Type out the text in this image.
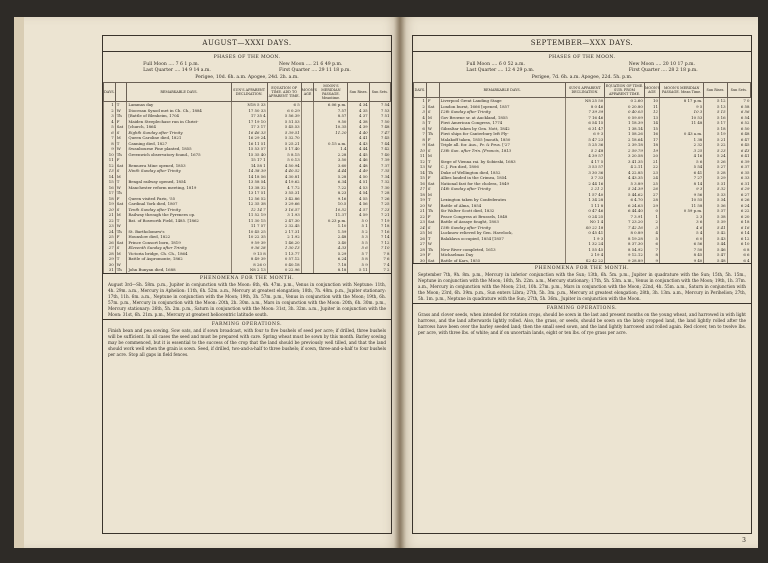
AUGUST—XXXI DAYS.
PHASES OF THE MOON.
Full Moon .... 7 6 1 p.m.
Last Quarter .... 14 9 14 a.m.
New Moon .... 21 6 49 p.m.
First Quarter .... 29 11 18 p.m.
Perigee, 10d. 6h. a.m. Apogee, 24d. 2h. a.m.
DAYS.		REMARKABLE DAYS.	SUN'S APPARENT DECLINATION.	EQUATION OF TIME. ADD TO APPARENT TIME.	MOON'S AGE	MOON'S MERIDIAN PASSAGE. Meantime.	Sun Rises.	Sun Sets.
1	T	Lammas day	N18 5 33	6 5		6.06 p.m.	4 34	7 54
2	W	Diocesan Synod met in Ch. Ch., 1884	17 50 33	6 0.29		7.57	4 35	7 53
3	Th	[Battle of Blenheim, 1704	17 35 4	5 56.39		8.57	4 37	7 51
4	F	Maiden Steeplechase run in Christ-	17 19 10	5 51.53		9.50	4 38	7 50
5	Sat	[church, 1864	17 3 17	5 45.53		10.35	4 39	7 48
6	S	Eighth Sunday after Trinity	16 46 33	5 39.51		11.20	4 40	7 47
7	M	Queen Caroline died, 1821	16 29 24	5 32.70			4 41	7 45
8	T	Canning died, 1827	16 11 51	5 25.21		0.15 a.m.	4 43	7 44
9	W	Swanbourne Pine planted, 1855	15 53 57	5 17.40		1.4	4 44	7 42
10	Th	Greenwich observatory found., 1675	15 35 40	5 8.15		2.28	4 45	7 40
11	F		15 17 1	5 0.13		3.50	4 46	7 39
12	Sat	Remuera Mine opened, 1853	14 58 1	4 50.94		3.60	4 48	7 37
13	S	Ninth Sunday after Trinity	14 38 39	4 40.52		4.44	4 49	7 35
14	M		14 18 56	4 30.81		5.28	4 50	7 34
15	T	Bengal railway opened, 1854	13 58 54	4 19.62		6.34	4 51	7 32
16	W	Manchester reform meeting, 1819	13 38 32	4 7.72		7.22	4 53	7 30
17	Th		13 17 51	3 55.31		8.23	4 54	7 28
18	F	Queen visited Paris, '55	12 56 52	3 42.86		9.16	4 55	7 26
19	Sat	Cardinal York died, 1807	12 35 38	3 29.66		10.5	4 56	7 25
20	S	Tenth Sunday after Trinity	12 14 7	3 16.57		10.52	4 57	7 23
21	M	Railway through the Pyrenees op.	11 52 19	3 1.93		11.37	4 59	7 21
22	T	Bat. of Bosworth Field, 1485. [1862	11 30 15	2 47.30		0.23 p.m.	5 0	7 19
23	W		11 7 57	2 32.45		1.10	5 1	7 18
24	Th	St. Bartholomew's	10 45 25	2 17.31		1.59	5 2	7 16
25	F	Hounslow died, 1822	10 22 35	2 1.92		2.48	5 3	7 14
26	Sat	Prince Consort born, 1819	9 59 39	1 46.20		3.40	5 5	7 12
27	S	Eleventh Sunday after Trinity	9 36 28	1 30.13		4.33	5 6	7 10
28	M	Victoria bridge, Ch. Ch., 1864	9 13 8	1 13.77		5.29	5 7	7 8
29	T	Battle of Aspromonte, 1862	8 49 39	0 57.12		6.24	5 8	7 6
30	W		8 26 0	0 40.18		7.18	5 9	7 4
31	Th	John Bunyan died, 1688	N8 2 13	0 22.96		8.18	5 11	7 2
PHENOMENA FOR THE MONTH.
August 3rd—Sh. 58m. p.m., Jupiter in conjunction with the Moon: 6th, 4h. 47m. p.m., Venus in conjunction with Neptune: 11th, 4h. 29m. a.m., Mercury in Aphelion: 11th, 6h. 52m. a.m., Mercury at greatest elongation; 18th, 7h. 48m. p.m., Jupiter stationary: 17th, 11h. 6m. a.m., Neptune in conjunction with the Moon; 19th, 3h. 57m. p.m., Venus in conjunction with the Moon; 19th, 6h. 57m. p.m., Mercury in conjunction with the Moon: 20th, 2h. 30m. a.m., Mars in conjunction with the Moon: 20th, 6h. 30m. p.m., Mercury stationary: 26th, 5h. 2m. p.m., Saturn in conjunction with the Moon: 31st, 3h. 32m. a.m., Jupiter in conjunction with the Moon: 31st, 6h. 21m. p.m., Mercury at greatest heliocentric latitude south.
FARMING OPERATIONS.
Finish bean and pea sowing. Sow oats, and if sown broadcast, with four to five bushels of seed per acre; if drilled, three bushels will be sufficient. In all cases the seed and must be prepared with care. Spring wheat must be sown by this month. Barley sowing may be commenced, but it is essential to the success of the crop that the land should be previously well tilled, and that the land should work well when the grain is sown. Seed, if drilled, two-and-a-half to three bushels; if sown, three-and-a-half to four bushels per acre. Stop all gaps in field fences.
SEPTEMBER—XXX DAYS.
PHASES OF THE MOON.
Full Moon .... 6 0 52 a.m.
Last Quarter .... 12 4 29 p.m.
New Moon .... 20 10 17 p.m.
First Quarter .... 28 2 18 p.m.
Perigee, 7d. 6h. a.m. Apogee, 22d. 5h. p.m.
DAYS.		REMARKABLE DAYS.	SUN'S APPARENT DECLINATION.	EQUATION OF TIME. SUB. FROM APPARENT TIME.	MOON'S AGE	MOON'S MERIDIAN PASSAGE. Mean Time.	Sun Rises.	Sun Sets.
1	F	Liverpool Great Landing Stage	N8 25 50	0 2.60	10	8 17 p.m.	5 12	7 0
2	Sat	London burnt, 1666 [opened, 1857	8 0 46	0 20.80	11	9 5	5 13	6 58
3	S	12th Sunday after Trinity	7 39 39	0 40.03	12	10 3	5 15	6 56
4	M	Gov Browne sr. at Auckland, 1855	7 16 46	0 59.09	13	10 53	5 16	6 54
5	T	First American Congress, 1774	6 54 15	1 18.39	14	11 48	5 17	6 52
6	W	Gibraltar taken by Gen. Nott, 1842	6 31 47	1 38.14	15		5 18	6 50
7	Th	First ships for Canterbury left Ply-	6 9 3	1 58.26	16	0 43 a.m.	5 19	6 48
8	F	Malakoff taken, 1855 [mouth, 1850	5 47 23	2 18.64	17	1 38	5 21	6 47
9	Sat	Triple all. for. Aus., Pr. & Prus. ['27	5 25 36	2 39.18	18	2 32	5 22	6 45
10	S	13th Sun. after Trin. [Francis, 1813	5 2 48	2 59.79	19	3 25	5 23	6 43
11	M		4 39 57	3 20.58	20	4 16	5 24	6 41
12	T	Siege of Vienna rai. by Sobieski, 1683	4 17 5	3 41.35	21	5 6	5 26	6 39
13	W	C. J. Fox died, 1806	3 53 57	4 2.11	22	5 54	5 27	6 37
14	Th	Duke of Wellington died, 1852	3 30 36	4 22.85	23	6 41	5 28	6 35
15	F	Allies landed in the Crimea, 1854	3 7 33	4 43.35	24	7 27	5 29	6 33
16	Sat	National fast for the cholera, 1849	2 44 16	5 3.89	25	8 14	5 31	6 31
17	S	14th Sunday after Trinity	2 21 2	5 24.39	26	9 3	5 32	6 29
18	M		1 57 40	5 44.62	27	9 56	5 33	6 27
19	T	Lexington taken by Confederates	1 34 28	6 4.70	28	10 55	5 34	6 26
20	W	Battle of Alma, 1854	1 11 8	6 24.63	29	11 58	5 36	6 24
21	Th	Sir Walter Scott died, 1832	0 47 46	6 44.40	0	0 59 p.m.	5 37	6 22
22	F	Peace Congress at Brussels, 1848	0 24 25	7 3.91	1	2 3	5 38	6 20
23	Sat	Battle of Assaye fought, 1803	N0 1 4	7 23.20	2	3 6	5 39	6 18
24	S	15th Sunday after Trinity	S0 22 18	7 42.16	3	4 6	5 41	6 16
25	M	Lucknow relieved by Gen. Havelock,	0 45 41	8 0.89	4	5 4	5 42	6 14
26	T	Balaklava occupied, 1854 [1857	1 9 3	8 19.28	5	6 0	5 43	6 12
27	W		1 32 24	8 37.30	6	6 56	5 44	6 10
28	Th	New River completed, 1613	1 55 45	8 54.92	7	7 50	5 46	6 8
29	F	Michaelmas Day	2 19 4	9 12.12	8	8 45	5 47	6 6
30	Sat	Battle of Kars, 1855	S2 42 22	9 28.89	9	9 40	5 48	6 4
PHENOMENA FOR THE MONTH.
September 7th, 9h. 8m. p.m., Mercury in inferior conjunction with the Sun; 13th, 6h. 5m. p.m., Jupiter in quadrature with the Sun; 15th, 5h. 15m., Neptune in conjunction with the Moon; 16th, 5h. 22m. a.m., Mercury stationary; 17th, 5h. 53m. a.m., Venus in conjunction with the Moon; 19th, 1h. 37m. a.m., Mercury in conjunction with the Moon; 21st, 10h. 27m. p.m., Mars in conjunction with the Moon; 22nd, 4h. 55m. a.m., Saturn in conjunction with the Moon; 23rd, 6h. 39m. p.m., Sun enters Libra; 27th, 5h. 3m. p.m., Mercury at greatest elongation; 28th, 3h. 13m. a.m., Mercury in Perihelion; 27th, 5h. 1m. p.m., Neptune in quadrature with the Sun; 27th, 5h. 36m., Jupiter in conjunction with the Moon.
FARMING OPERATIONS.
Grass and clover seeds, when intended for rotation crops, should be sown in the last and present months on the young wheat, and harrowed in with light harrows, and the land afterwards lightly rolled. Also, the grass, or seeds, should be sown on the lately cropped land, the land lightly rolled after the harrows have been over the barley seeded land; then the small seed sown, and the land lightly harrowed and rolled again. Red clover, ten to twelve lbs. per acre, with three lbs. of white; and if on uncertain lands, eight or ten lbs. of rye grass per acre.
3
